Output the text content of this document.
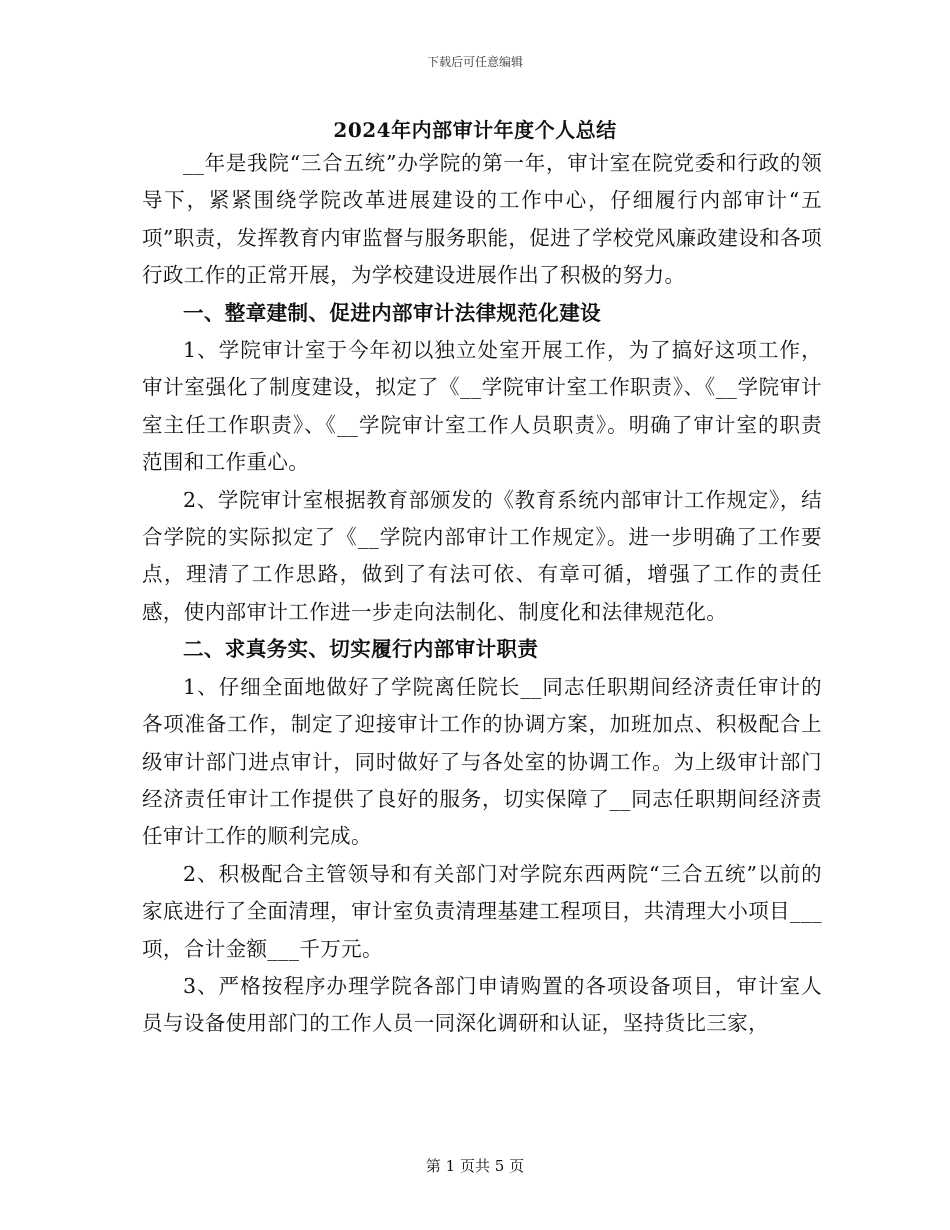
下载后可任意编辑
2024年内部审计年度个人总结

__年是我院“三合五统”办学院的第一年，审计室在院党委和行政的领导下，紧紧围绕学院改革进展建设的工作中心，仔细履行内部审计“五项”职责，发挥教育内审监督与服务职能，促进了学校党风廉政建设和各项行政工作的正常开展，为学校建设进展作出了积极的努力。

一、整章建制、促进内部审计法律规范化建设

1、学院审计室于今年初以独立处室开展工作，为了搞好这项工作，审计室强化了制度建设，拟定了《__学院审计室工作职责》、《__学院审计室主任工作职责》、《__学院审计室工作人员职责》。明确了审计室的职责范围和工作重心。

2、学院审计室根据教育部颁发的《教育系统内部审计工作规定》，结合学院的实际拟定了《__学院内部审计工作规定》。进一步明确了工作要点，理清了工作思路，做到了有法可依、有章可循，增强了工作的责任感，使内部审计工作进一步走向法制化、制度化和法律规范化。

二、求真务实、切实履行内部审计职责

1、仔细全面地做好了学院离任院长__同志任职期间经济责任审计的各项准备工作，制定了迎接审计工作的协调方案，加班加点、积极配合上级审计部门进点审计，同时做好了与各处室的协调工作。为上级审计部门经济责任审计工作提供了良好的服务，切实保障了__同志任职期间经济责任审计工作的顺利完成。

2、积极配合主管领导和有关部门对学院东西两院“三合五统”以前的家底进行了全面清理，审计室负责清理基建工程项目，共清理大小项目___项，合计金额___千万元。

3、严格按程序办理学院各部门申请购置的各项设备项目，审计室人员与设备使用部门的工作人员一同深化调研和认证，坚持货比三家，

第 1 页共 5 页
